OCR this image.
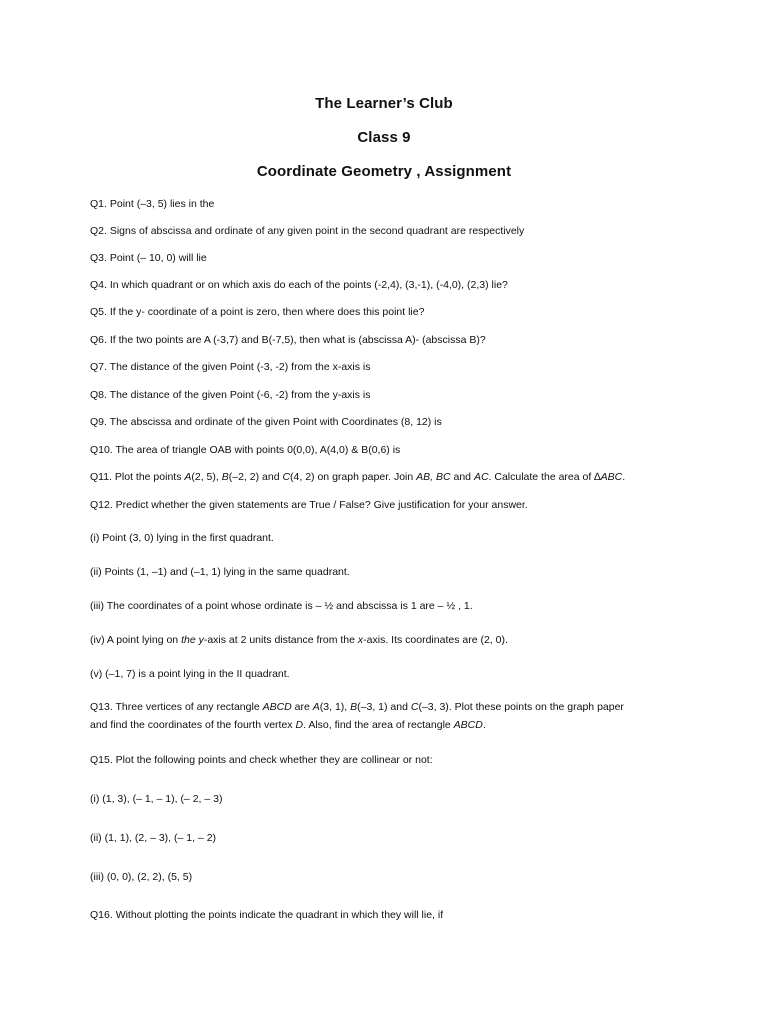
The Learner’s Club
Class 9
Coordinate Geometry , Assignment
Q1. Point (–3, 5) lies in the
Q2. Signs of abscissa and ordinate of any given point in the second quadrant are respectively
Q3. Point (– 10, 0) will lie
Q4. In which quadrant or on which axis do each of the points (-2,4), (3,-1), (-4,0), (2,3) lie?
Q5. If the y- coordinate of a point is zero, then where does this point lie?
Q6. If the two points are A (-3,7) and B(-7,5), then what is (abscissa A)- (abscissa B)?
Q7. The distance of the given Point (-3, -2) from the x-axis is
Q8. The distance of the given Point (-6, -2) from the y-axis is
Q9. The abscissa and ordinate of the given Point with Coordinates (8, 12) is
Q10. The area of triangle OAB with points 0(0,0), A(4,0) & B(0,6) is
Q11. Plot the points A(2, 5), B(–2, 2) and C(4, 2) on graph paper. Join AB, BC and AC. Calculate the area of ∆ABC.
Q12. Predict whether the given statements are True / False? Give justification for your answer.
(i) Point (3, 0) lying in the first quadrant.
(ii) Points (1, –1) and (–1, 1) lying in the same quadrant.
(iii) The coordinates of a point whose ordinate is – ½ and abscissa is 1 are – ½ , 1.
(iv) A point lying on the y-axis at 2 units distance from the x-axis. Its coordinates are (2, 0).
(v) (–1, 7) is a point lying in the II quadrant.
Q13. Three vertices of any rectangle ABCD are A(3, 1), B(–3, 1) and C(–3, 3). Plot these points on the graph paper
and find the coordinates of the fourth vertex D. Also, find the area of rectangle ABCD.
Q15. Plot the following points and check whether they are collinear or not:
(i) (1, 3), (– 1, – 1), (– 2, – 3)
(ii) (1, 1), (2, – 3), (– 1, – 2)
(iii) (0, 0), (2, 2), (5, 5)
Q16. Without plotting the points indicate the quadrant in which they will lie, if
